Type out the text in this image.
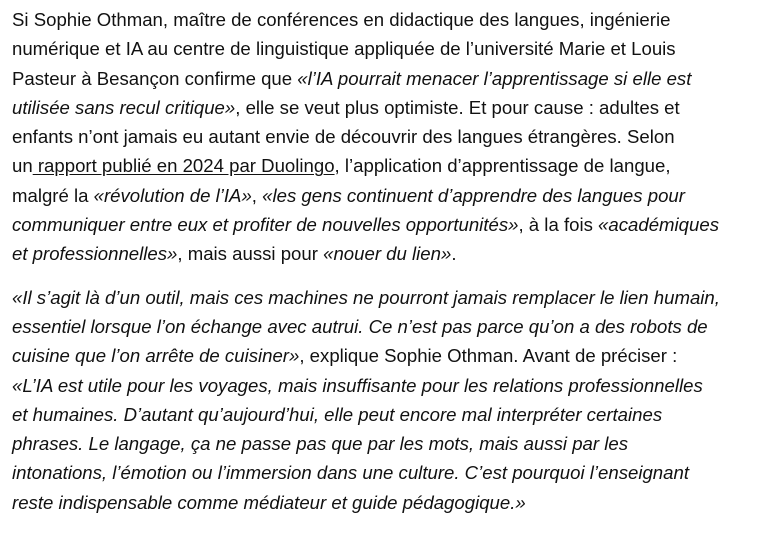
Si Sophie Othman, maître de conférences en didactique des langues, ingénierie
numérique et IA au centre de linguistique appliquée de l’université Marie et Louis
Pasteur à Besançon confirme que «l’IA pourrait menacer l’apprentissage si elle est
utilisée sans recul critique», elle se veut plus optimiste. Et pour cause : adultes et
enfants n’ont jamais eu autant envie de découvrir des langues étrangères. Selon
un rapport publié en 2024 par Duolingo, l’application d’apprentissage de langue,
malgré la «révolution de l’IA», «les gens continuent d’apprendre des langues pour
communiquer entre eux et profiter de nouvelles opportunités», à la fois «académiques
et professionnelles», mais aussi pour «nouer du lien».

«Il s’agit là d’un outil, mais ces machines ne pourront jamais remplacer le lien humain,
essentiel lorsque l’on échange avec autrui. Ce n’est pas parce qu’on a des robots de
cuisine que l’on arrête de cuisiner», explique Sophie Othman. Avant de préciser :
«L’IA est utile pour les voyages, mais insuffisante pour les relations professionnelles
et humaines. D’autant qu’aujourd’hui, elle peut encore mal interpréter certaines
phrases. Le langage, ça ne passe pas que par les mots, mais aussi par les
intonations, l’émotion ou l’immersion dans une culture. C’est pourquoi l’enseignant
reste indispensable comme médiateur et guide pédagogique.»
